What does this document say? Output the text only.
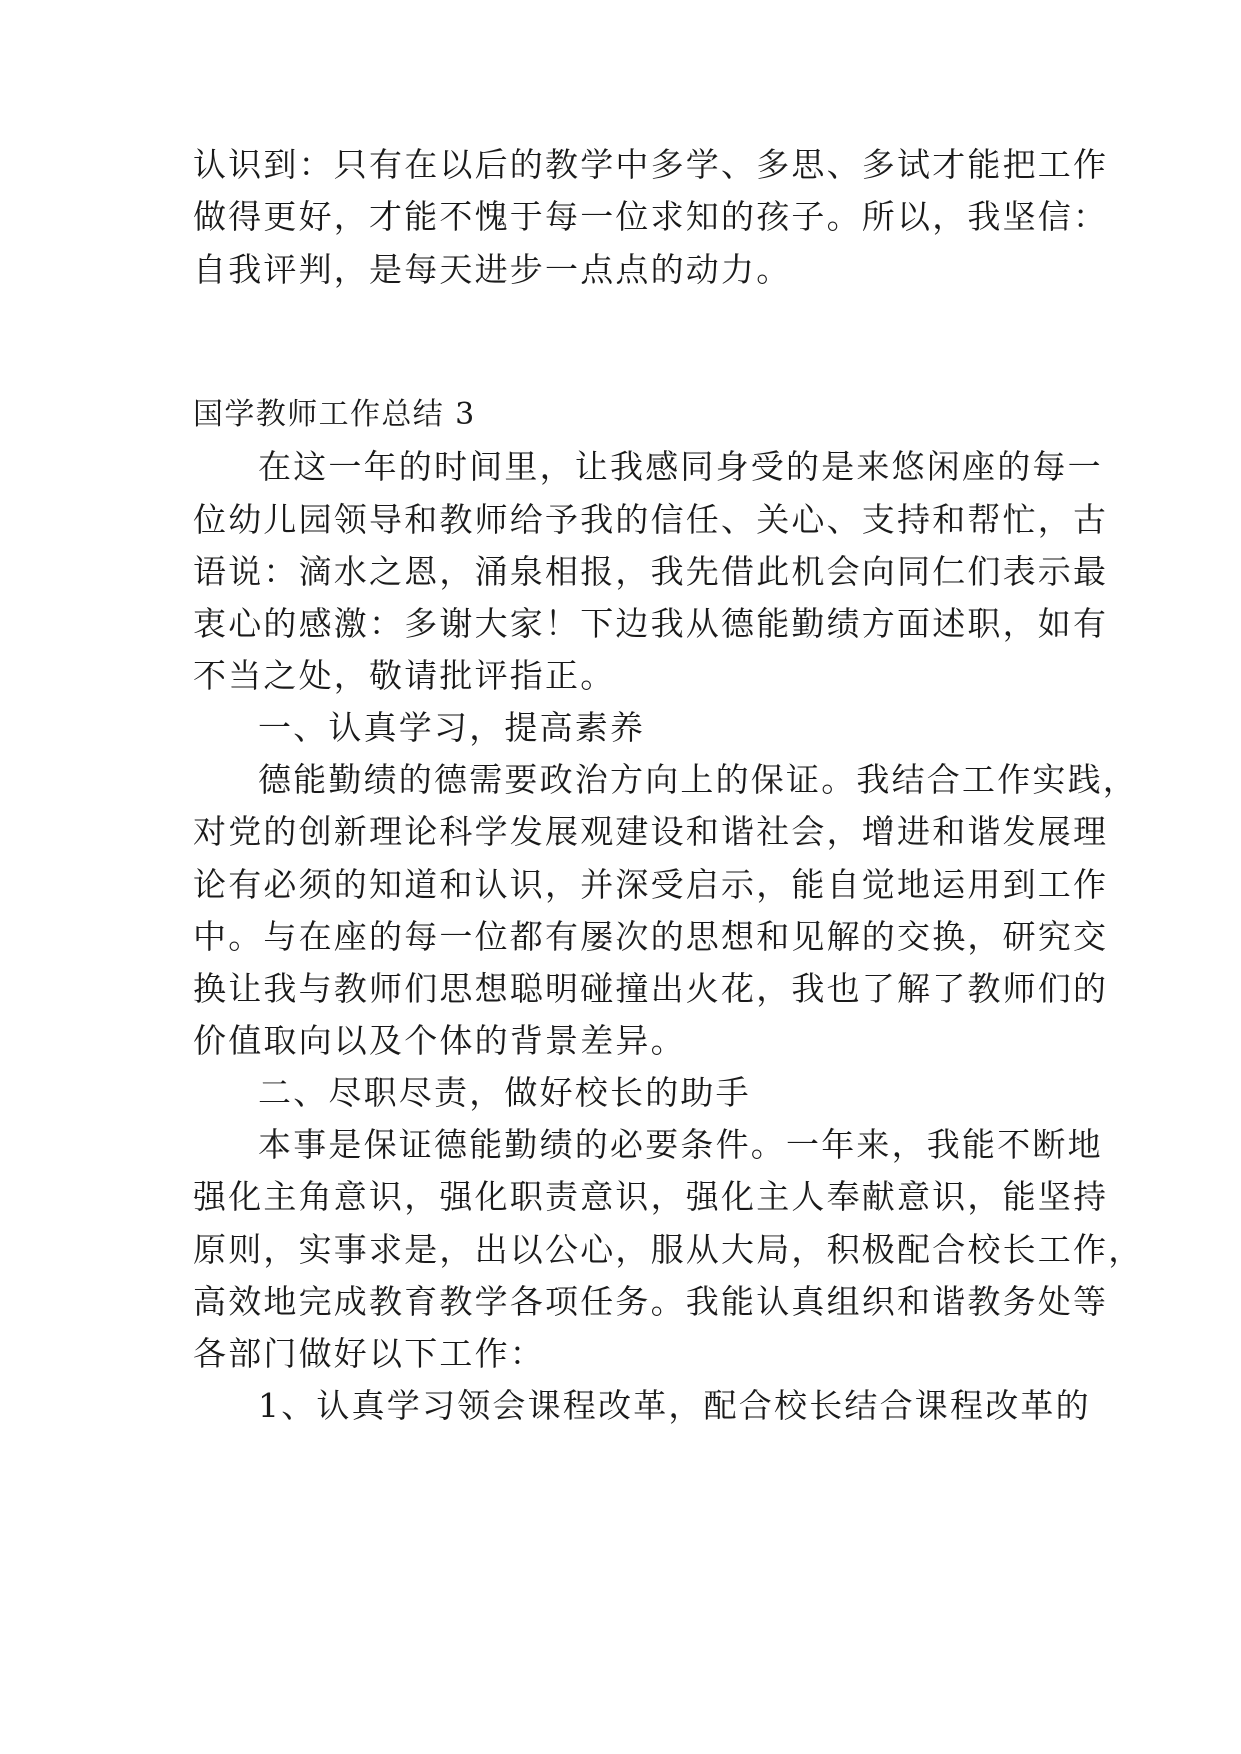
认识到：只有在以后的教学中多学、多思、多试才能把工作
做得更好，才能不愧于每一位求知的孩子。所以，我坚信：
自我评判，是每天进步一点点的动力。
国学教师工作总结 3
在这一年的时间里，让我感同身受的是来悠闲座的每一
位幼儿园领导和教师给予我的信任、关心、支持和帮忙，古
语说：滴水之恩，涌泉相报，我先借此机会向同仁们表示最
衷心的感激：多谢大家！下边我从德能勤绩方面述职，如有
不当之处，敬请批评指正。
一、认真学习，提高素养
德能勤绩的德需要政治方向上的保证。我结合工作实践，
对党的创新理论科学发展观建设和谐社会，增进和谐发展理
论有必须的知道和认识，并深受启示，能自觉地运用到工作
中。与在座的每一位都有屡次的思想和见解的交换，研究交
换让我与教师们思想聪明碰撞出火花，我也了解了教师们的
价值取向以及个体的背景差异。
二、尽职尽责，做好校长的助手
本事是保证德能勤绩的必要条件。一年来，我能不断地
强化主角意识，强化职责意识，强化主人奉献意识，能坚持
原则，实事求是，出以公心，服从大局，积极配合校长工作，
高效地完成教育教学各项任务。我能认真组织和谐教务处等
各部门做好以下工作：
1、认真学习领会课程改革，配合校长结合课程改革的
